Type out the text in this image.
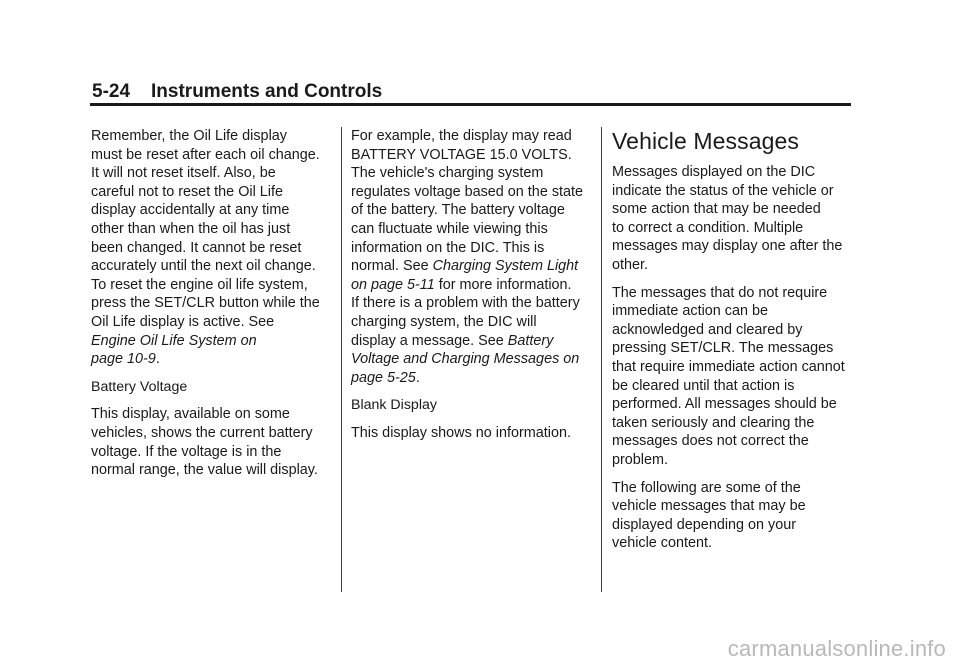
5-24 Instruments and Controls

Remember, the Oil Life display
must be reset after each oil change.
It will not reset itself. Also, be
careful not to reset the Oil Life
display accidentally at any time
other than when the oil has just
been changed. It cannot be reset
accurately until the next oil change.
To reset the engine oil life system,
press the SET/CLR button while the
Oil Life display is active. See
Engine Oil Life System on
page 10-9.

Battery Voltage

This display, available on some
vehicles, shows the current battery
voltage. If the voltage is in the
normal range, the value will display.

For example, the display may read
BATTERY VOLTAGE 15.0 VOLTS.
The vehicle's charging system
regulates voltage based on the state
of the battery. The battery voltage
can fluctuate while viewing this
information on the DIC. This is
normal. See Charging System Light
on page 5-11 for more information.
If there is a problem with the battery
charging system, the DIC will
display a message. See Battery
Voltage and Charging Messages on
page 5-25.

Blank Display

This display shows no information.

Vehicle Messages

Messages displayed on the DIC
indicate the status of the vehicle or
some action that may be needed
to correct a condition. Multiple
messages may display one after the
other.

The messages that do not require
immediate action can be
acknowledged and cleared by
pressing SET/CLR. The messages
that require immediate action cannot
be cleared until that action is
performed. All messages should be
taken seriously and clearing the
messages does not correct the
problem.

The following are some of the
vehicle messages that may be
displayed depending on your
vehicle content.

carmanualsonline.info
